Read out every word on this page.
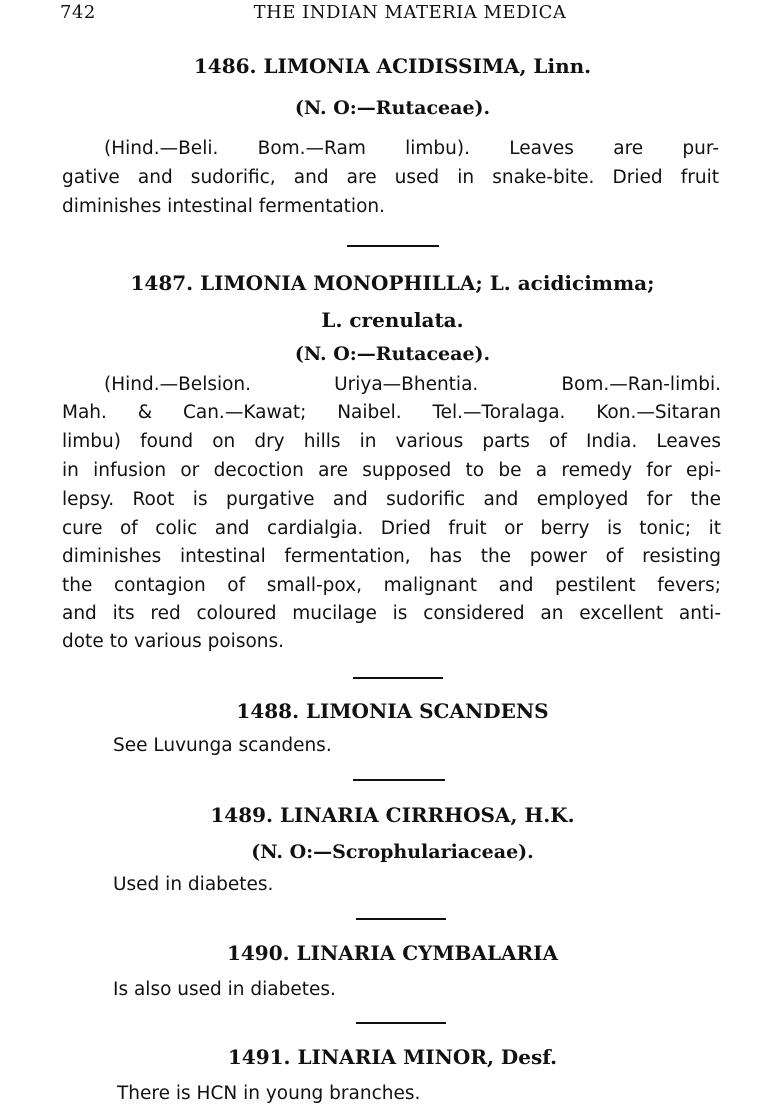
742	THE INDIAN MATERIA MEDICA
1486. LIMONIA ACIDISSIMA, Linn.
(N. O:—Rutaceae).
(Hind.—Beli. Bom.—Ram limbu). Leaves are pur-
gative and sudorific, and are used in snake-bite. Dried fruit
diminishes intestinal fermentation.
1487. LIMONIA MONOPHILLA; L. acidicimma;
L. crenulata.
(N. O:—Rutaceae).
(Hind.—Belsion. Uriya—Bhentia. Bom.—Ran-limbi.
Mah. & Can.—Kawat; Naibel. Tel.—Toralaga. Kon.—Sitaran
limbu) found on dry hills in various parts of India. Leaves
in infusion or decoction are supposed to be a remedy for epi-
lepsy. Root is purgative and sudorific and employed for the
cure of colic and cardialgia. Dried fruit or berry is tonic; it
diminishes intestinal fermentation, has the power of resisting
the contagion of small-pox, malignant and pestilent fevers;
and its red coloured mucilage is considered an excellent anti-
dote to various poisons.
1488. LIMONIA SCANDENS
See Luvunga scandens.
1489. LINARIA CIRRHOSA, H.K.
(N. O:—Scrophulariaceae).
Used in diabetes.
1490. LINARIA CYMBALARIA
Is also used in diabetes.
1491. LINARIA MINOR, Desf.
There is HCN in young branches.
